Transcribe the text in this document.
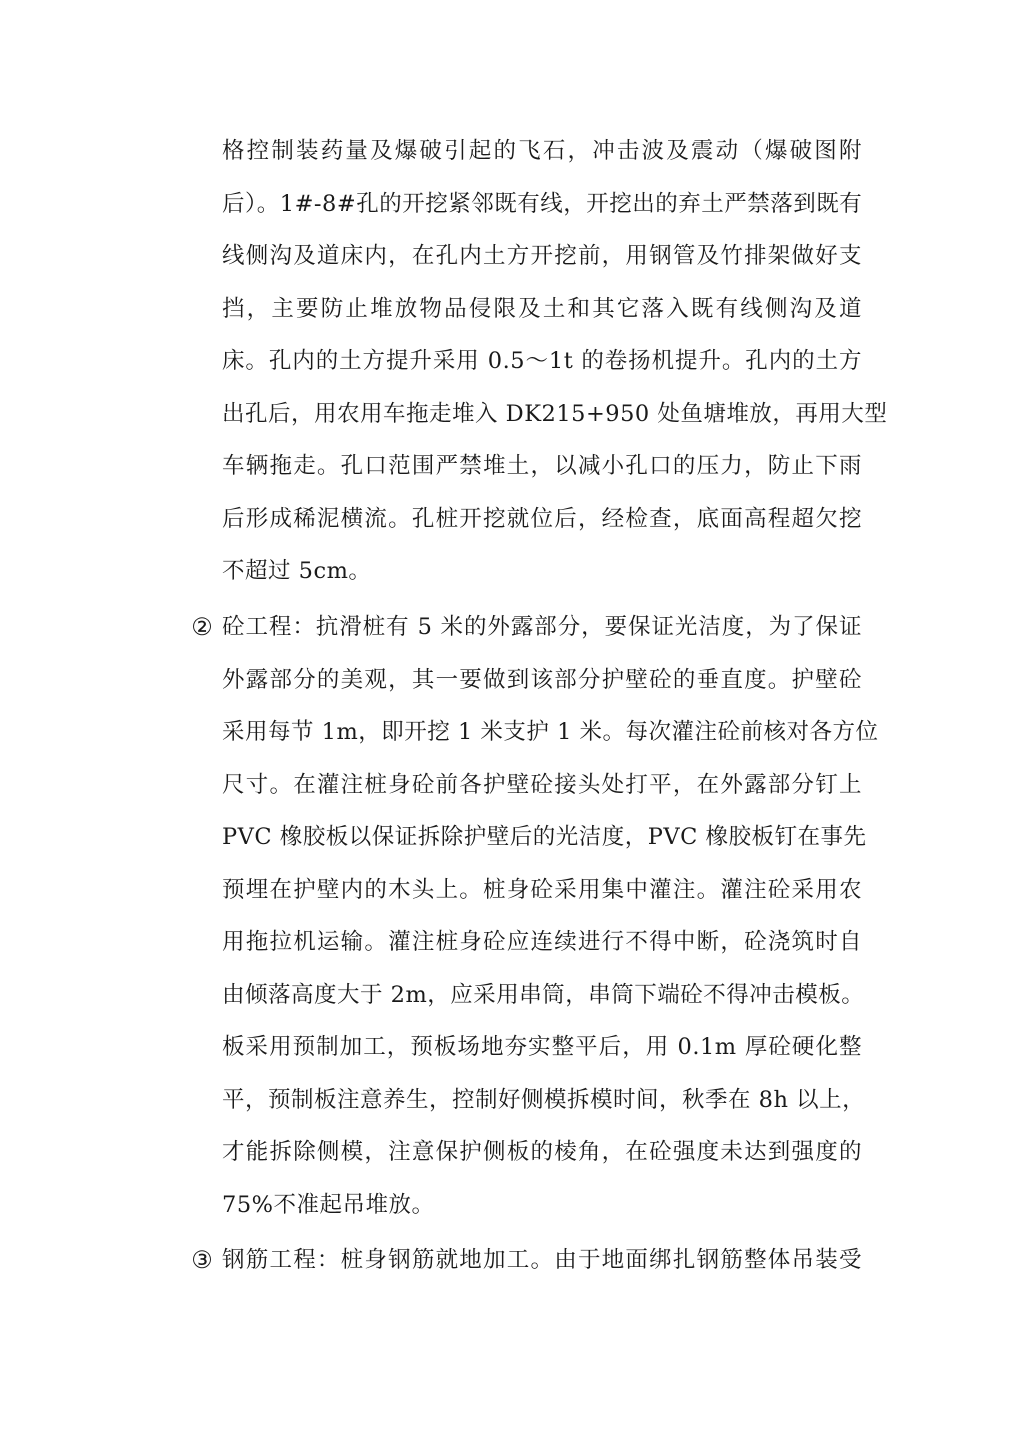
格控制装药量及爆破引起的飞石，冲击波及震动（爆破图附
后）。1#-8#孔的开挖紧邻既有线，开挖出的弃土严禁落到既有
线侧沟及道床内，在孔内土方开挖前，用钢管及竹排架做好支
挡，主要防止堆放物品侵限及土和其它落入既有线侧沟及道
床。孔内的土方提升采用 0.5～1t 的卷扬机提升。孔内的土方
出孔后，用农用车拖走堆入 DK215+950 处鱼塘堆放，再用大型
车辆拖走。孔口范围严禁堆土，以减小孔口的压力，防止下雨
后形成稀泥横流。孔桩开挖就位后，经检查，底面高程超欠挖
不超过 5cm。
② 砼工程：抗滑桩有 5 米的外露部分，要保证光洁度，为了保证
外露部分的美观，其一要做到该部分护壁砼的垂直度。护壁砼
采用每节 1m，即开挖 1 米支护 1 米。每次灌注砼前核对各方位
尺寸。在灌注桩身砼前各护壁砼接头处打平，在外露部分钉上
PVC 橡胶板以保证拆除护壁后的光洁度，PVC 橡胶板钉在事先
预埋在护壁内的木头上。桩身砼采用集中灌注。灌注砼采用农
用拖拉机运输。灌注桩身砼应连续进行不得中断，砼浇筑时自
由倾落高度大于 2m，应采用串筒，串筒下端砼不得冲击模板。
板采用预制加工，预板场地夯实整平后，用 0.1m 厚砼硬化整
平，预制板注意养生，控制好侧模拆模时间，秋季在 8h 以上，
才能拆除侧模，注意保护侧板的棱角，在砼强度未达到强度的
75%不准起吊堆放。
③ 钢筋工程：桩身钢筋就地加工。由于地面绑扎钢筋整体吊装受
